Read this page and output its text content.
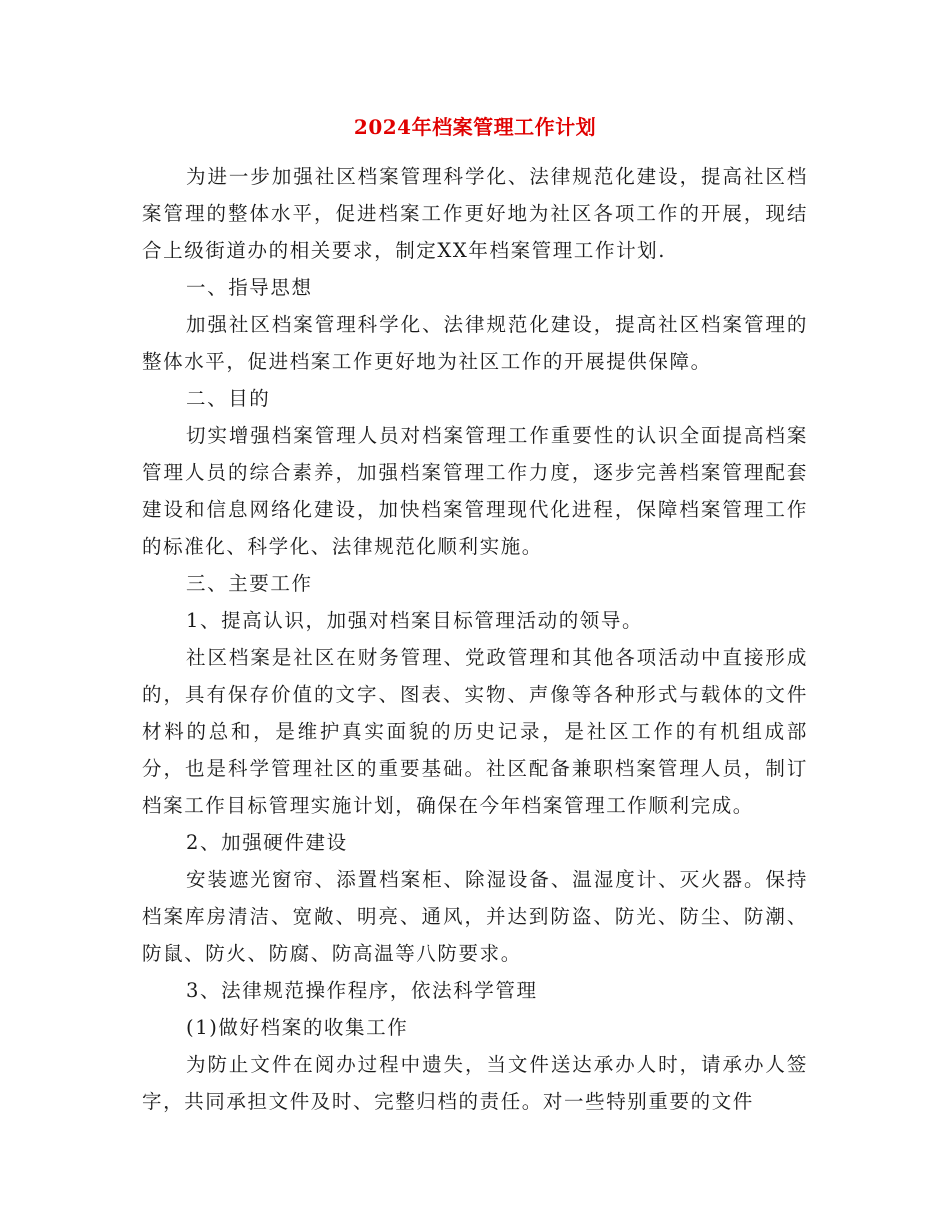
2024年档案管理工作计划

为进一步加强社区档案管理科学化、法律规范化建设，提高社区档案管理的整体水平，促进档案工作更好地为社区各项工作的开展，现结合上级街道办的相关要求，制定XX年档案管理工作计划.

一、指导思想

加强社区档案管理科学化、法律规范化建设，提高社区档案管理的整体水平，促进档案工作更好地为社区工作的开展提供保障。

二、目的

切实增强档案管理人员对档案管理工作重要性的认识全面提高档案管理人员的综合素养，加强档案管理工作力度，逐步完善档案管理配套建设和信息网络化建设，加快档案管理现代化进程，保障档案管理工作的标准化、科学化、法律规范化顺利实施。

三、主要工作

1、提高认识，加强对档案目标管理活动的领导。

社区档案是社区在财务管理、党政管理和其他各项活动中直接形成的，具有保存价值的文字、图表、实物、声像等各种形式与载体的文件材料的总和，是维护真实面貌的历史记录，是社区工作的有机组成部分，也是科学管理社区的重要基础。社区配备兼职档案管理人员，制订档案工作目标管理实施计划，确保在今年档案管理工作顺利完成。

2、加强硬件建设

安装遮光窗帘、添置档案柜、除湿设备、温湿度计、灭火器。保持档案库房清洁、宽敞、明亮、通风，并达到防盗、防光、防尘、防潮、防鼠、防火、防腐、防高温等八防要求。

3、法律规范操作程序，依法科学管理

(1)做好档案的收集工作

为防止文件在阅办过程中遗失，当文件送达承办人时，请承办人签字，共同承担文件及时、完整归档的责任。对一些特别重要的文件
